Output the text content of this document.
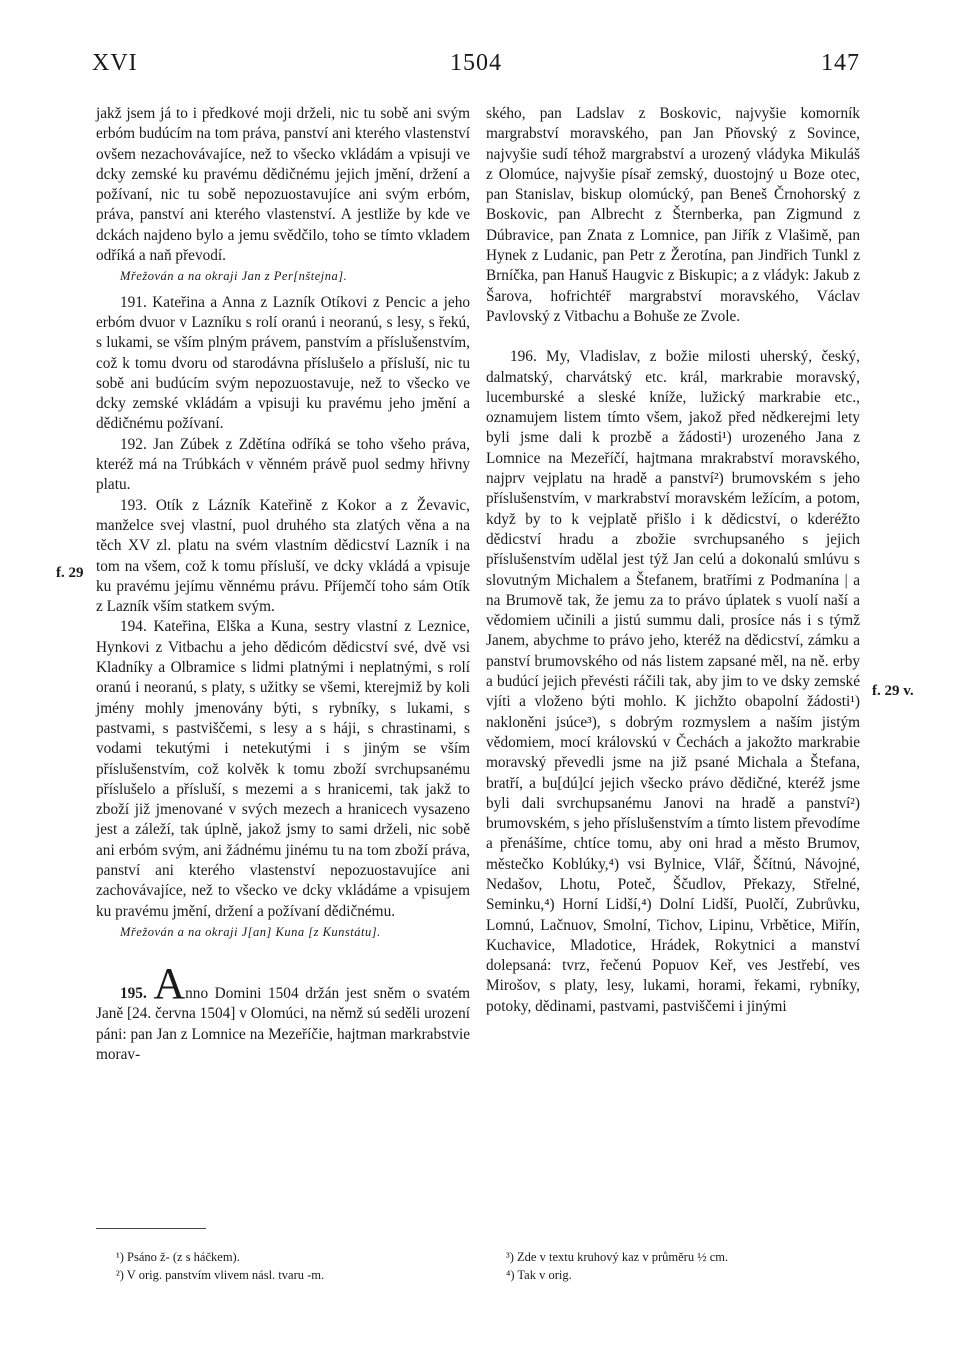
XVI	1504	147
f. 29
f. 29 v.

jakž jsem já to i předkové moji drželi, nic tu sobě ani svým erbóm budúcím na tom práva, panství ani kterého vlastenství ovšem nezachovávajíce, než to všecko vkládám a vpisuji ve dcky zemské ku pravému dědičnému jejich jmění, držení a požívaní, nic tu sobě nepozuostavujíce ani svým erbóm, práva, panství ani kterého vlastenství. A jestliže by kde ve dckách najdeno bylo a jemu svědčilo, toho se tímto vkladem odříká a naň převodí.

Mřežován a na okraji Jan z Per[nštejna].

191. Kateřina a Anna z Lazník Otíkovi z Pencic a jeho erbóm dvuor v Lazníku s rolí oranú i neoranú, s lesy, s řekú, s lukami, se vším plným právem, panstvím a příslušenstvím, což k tomu dvoru od starodávna příslušelo a přísluší, nic tu sobě ani budúcím svým nepozuostavuje, než to všecko ve dcky zemské vkládám a vpisuji ku pravému jeho jmění a dědičnému požívaní.

192. Jan Zúbek z Zdětína odříká se toho všeho práva, kteréž má na Trúbkách v věnném právě puol sedmy hřivny platu.

193. Otík z Lázník Kateřině z Kokor a z Ževavic, manželce svej vlastní, puol druhého sta zlatých věna a na těch XV zl. platu na svém vlastním dědicství Lazník i na tom na všem, což k tomu přísluší, ve dcky vkládá a vpisuje ku pravému jejímu věnnému právu. Příjemčí toho sám Otík z Lazník vším statkem svým.

194. Kateřina, Elška a Kuna, sestry vlastní z Leznice, Hynkovi z Vitbachu a jeho dědicóm dědicství své, dvě vsi Kladníky a Olbramice s lidmi platnými i neplatnými, s rolí oranú i neoranú, s platy, s užitky se všemi, kterejmiž by koli jmény mohly jmenovány býti, s rybníky, s lukami, s pastvami, s pastviščemi, s lesy a s háji, s chrastinami, s vodami tekutými i netekutými i s jiným se vším příslušenstvím, což kolvěk k tomu zboží svrchupsanému příslušelo a přísluší, s mezemi a s hranicemi, tak jakž to zboží již jmenované v svých mezech a hranicech vysazeno jest a záleží, tak úplně, jakož jsmy to sami drželi, nic sobě ani erbóm svým, ani žádnému jinému tu na tom zboží práva, panství ani kterého vlastenství nepozuostavujíce ani zachovávajíce, než to všecko ve dcky vkládáme a vpisujem ku pravému jmění, držení a požívaní dědičnému.

Mřežován a na okraji J[an] Kuna [z Kunstátu].

195. Anno Domini 1504 držán jest sněm o svatém Janě [24. června 1504] v Olomúci, na němž sú seděli urození páni: pan Jan z Lomnice na Mezeříčie, hajtman markrabstvie morav-

ského, pan Ladslav z Boskovic, najvyšie komorník margrabství moravského, pan Jan Pňovský z Sovince, najvyšie sudí téhož margrabství a urozený vládyka Mikuláš z Olomúce, najvyšie písař zemský, duostojný u Boze otec, pan Stanislav, biskup olomúcký, pan Beneš Črnohorský z Boskovic, pan Albrecht z Šternberka, pan Zigmund z Dúbravice, pan Znata z Lomnice, pan Jiřík z Vlašimě, pan Hynek z Ludanic, pan Petr z Žerotína, pan Jindřich Tunkl z Brníčka, pan Hanuš Haugvic z Biskupic; a z vládyk: Jakub z Šarova, hofrichtéř margrabství moravského, Václav Pavlovský z Vitbachu a Bohuše ze Zvole.

196. My, Vladislav, z božie milosti uherský, český, dalmatský, charvátský etc. král, markrabie moravský, lucemburské a sleské kníže, lužický markrabie etc., oznamujem listem tímto všem, jakož před nědkerejmi lety byli jsme dali k prozbě a žádosti¹) urozeného Jana z Lomnice na Mezeříčí, hajtmana mrakrabství moravského, najprv vejplatu na hradě a panství²) brumovském s jeho příslušenstvím, v markrabství moravském ležícím, a potom, když by to k vejplatě přišlo i k dědicství, o kderéžto dědicství hradu a zbožie svrchupsaného s jejich příslušenstvím udělal jest týž Jan celú a dokonalú smlúvu s slovutným Michalem a Štefanem, bratřími z Podmanína | a na Brumově tak, že jemu za to právo úplatek s vuolí naší a vědomiem učinili a jistú summu dali, prosíce nás i s týmž Janem, abychme to právo jeho, kteréž na dědicství, zámku a panství brumovského od nás listem zapsané měl, na ně. erby a budúcí jejich převésti ráčili tak, aby jim to ve dsky zemské vjíti a vloženo býti mohlo. K jichžto obapolní žádosti¹) nakloněni jsúce³), s dobrým rozmyslem a naším jistým vědomiem, mocí královskú v Čechách a jakožto markrabie moravský převedli jsme na již psané Michala a Štefana, bratří, a bu[dú]cí jejich všecko právo dědičné, kteréž jsme byli dali svrchupsanému Janovi na hradě a panství²) brumovském, s jeho příslušenstvím a tímto listem převodíme a přenášíme, chtíce tomu, aby oni hrad a město Brumov, městečko Koblúky,⁴) vsi Bylnice, Vlář, Ščítnú, Návojné, Nedašov, Lhotu, Poteč, Ščudlov, Překazy, Střelné, Seminku,⁴) Horní Lidší,⁴) Dolní Lidší, Puolčí, Zubrůvku, Lomnú, Lačnuov, Smolní, Tichov, Lipinu, Vrbětice, Miřín, Kuchavice, Mladotice, Hrádek, Rokytnici a manství dolepsaná: tvrz, řečenú Popuov Keř, ves Jestřebí, ves Mirošov, s platy, lesy, lukami, horami, řekami, rybníky, potoky, dědinami, pastvami, pastviščemi i jinými

¹) Psáno ž- (z s háčkem).

²) V orig. panstvím vlivem násl. tvaru -m.

³) Zde v textu kruhový kaz v průměru ½ cm.

⁴) Tak v orig.
